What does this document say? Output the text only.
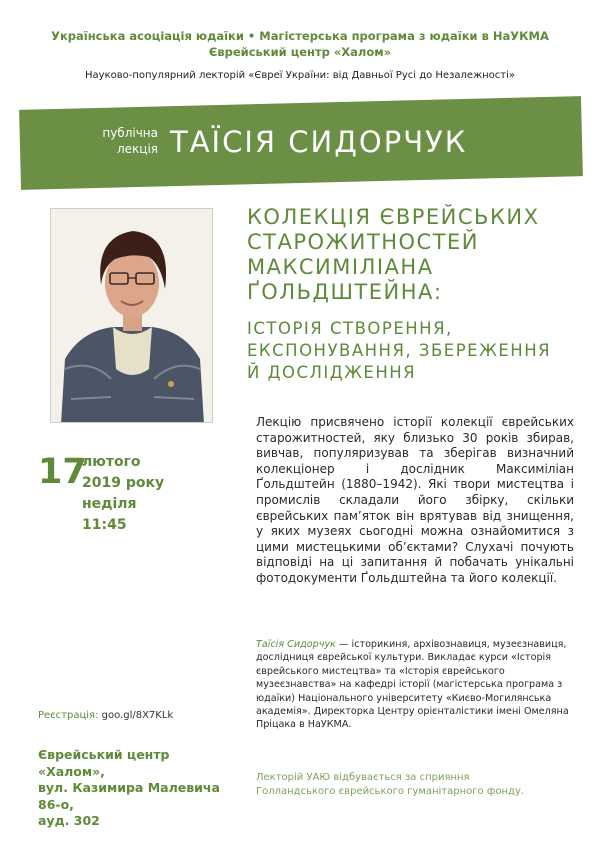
Українська асоціація юдаїки • Магістерська програма з юдаїки в НаУКМА
Єврейський центр «Халом»
Науково-популярний лекторій «Євреї України: від Давньої Русі до Незалежності»
публічна
лекція ТАЇСІЯ СИДОРЧУК
КОЛЕКЦІЯ ЄВРЕЙСЬКИХ
СТАРОЖИТНОСТЕЙ
МАКСИМІЛІАНА
ҐОЛЬДШТЕЙНА:
ІСТОРІЯ СТВОРЕННЯ,
ЕКСПОНУВАННЯ, ЗБЕРЕЖЕННЯ
Й ДОСЛІДЖЕННЯ
17
лютого
2019 року
неділя
11:45
Лекцію присвячено історії колекції єврейських старожитностей, яку близько 30 років збирав, вивчав, популяризував та зберігав визначний колекціонер і дослідник Максиміліан Ґольдштейн (1880–1942). Які твори мистецтва і промислів складали його збірку, скільки єврейських пам’яток він врятував від знищення, у яких музеях сьогодні можна ознайомитися з цими мистецькими об’єктами? Слухачі почують відповіді на ці запитання й побачать унікальні фотодокументи Ґольдштейна та його колекції.
Таїсія Сидорчук — історикиня, архівознавиця, музеєзнавиця, дослідниця єврейської культури. Викладає курси «Історія єврейського мистецтва» та «Історія єврейського музеєзнавства» на кафедрі історії (магістерська програма з юдаїки) Національного університету «Києво-Могилянська академія». Директорка Центру орієнталістики імені Омеляна Пріцака в НаУКМА.
Реєстрація: goo.gl/8X7KLk
Єврейський центр «Халом»,
вул. Казимира Малевича 86-о,
ауд. 302
Лекторій УАЮ відбувається за сприяння
Голландського єврейського гуманітарного фонду.
